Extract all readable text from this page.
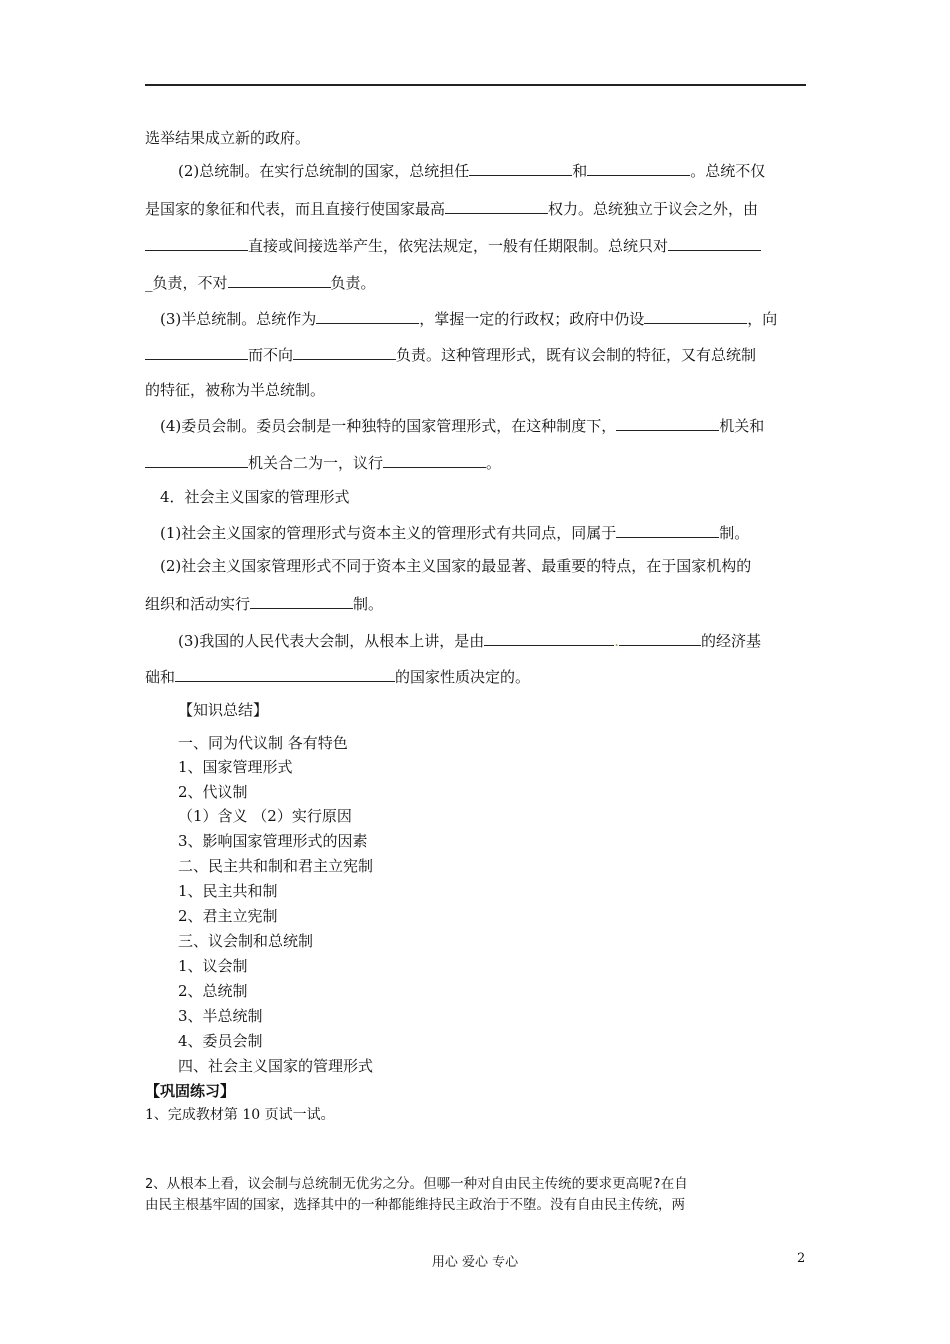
选举结果成立新的政府。
(2)总统制。在实行总统制的国家，总统担任	和	。总统不仅
是国家的象征和代表，而且直接行使国家最高	权力。总统独立于议会之外，由
直接或间接选举产生，依宪法规定，一般有任期限制。总统只对
_负责，不对	负责。
(3)半总统制。总统作为	，掌握一定的行政权；政府中仍设	，向
而不向	负责。这种管理形式，既有议会制的特征，又有总统制
的特征，被称为半总统制。
(4)委员会制。委员会制是一种独特的国家管理形式，在这种制度下，	机关和
机关合二为一，议行	。
4．社会主义国家的管理形式
(1)社会主义国家的管理形式与资本主义的管理形式有共同点，同属于	制。
(2)社会主义国家管理形式不同于资本主义国家的最显著、最重要的特点，在于国家机构的
组织和活动实行	制。
(3)我国的人民代表大会制，从根本上讲，是由	.	的经济基
础和	的国家性质决定的。
【知识总结】
一、同为代议制 各有特色
1、国家管理形式
2、代议制
（1）含义 （2）实行原因
3、影响国家管理形式的因素
二、民主共和制和君主立宪制
1、民主共和制
2、君主立宪制
三、议会制和总统制
1、议会制
2、总统制
3、半总统制
4、委员会制
四、社会主义国家的管理形式
【巩固练习】
1、完成教材第 10 页试一试。
2、从根本上看，议会制与总统制无优劣之分。但哪一种对自由民主传统的要求更高呢?在自
由民主根基牢固的国家，选择其中的一种都能维持民主政治于不堕。没有自由民主传统，两
用心 爱心 专心	2
